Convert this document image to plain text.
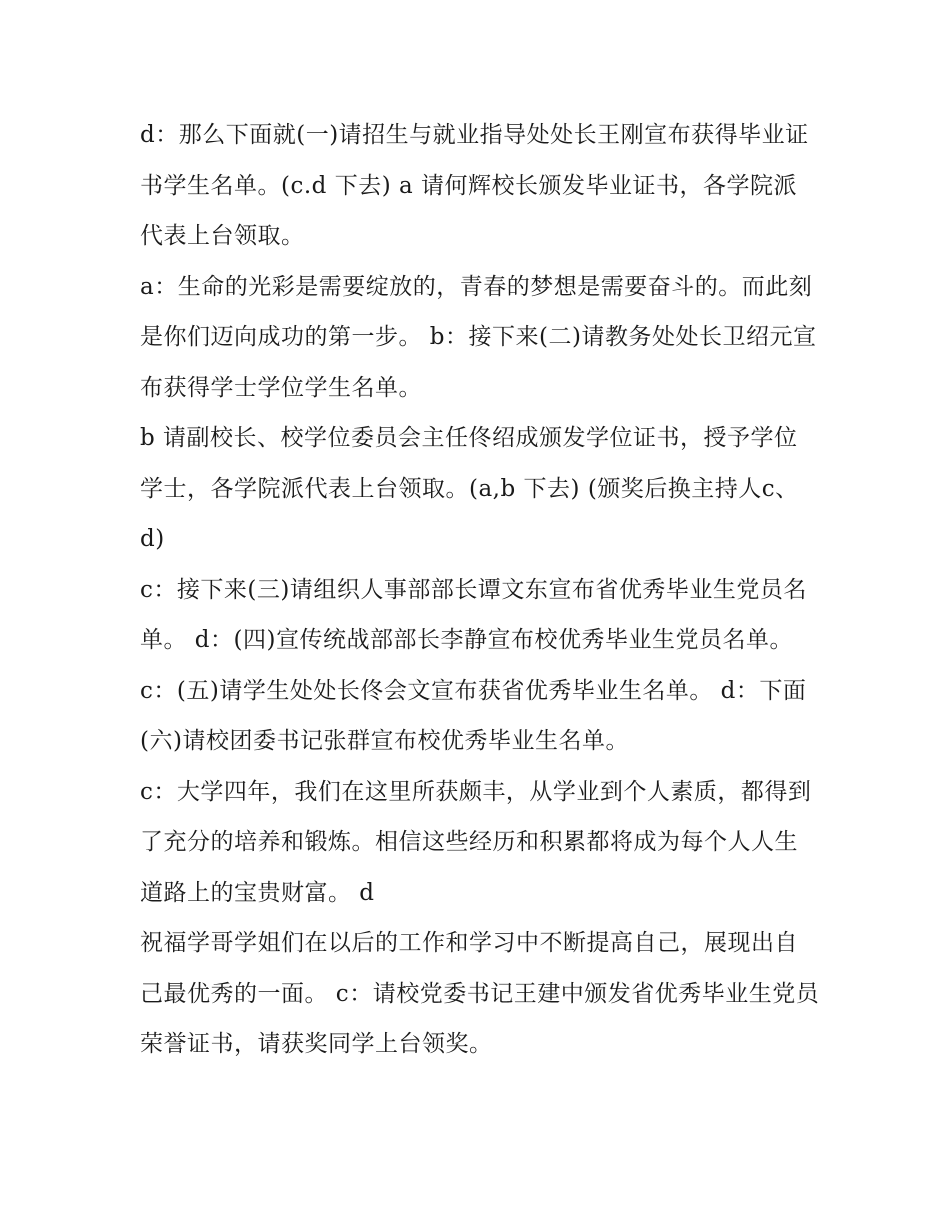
d：那么下面就(一)请招生与就业指导处处长王刚宣布获得毕业证书学生名单。(c.d 下去) a 请何辉校长颁发毕业证书，各学院派代表上台领取。

a：生命的光彩是需要绽放的，青春的梦想是需要奋斗的。而此刻是你们迈向成功的第一步。 b：接下来(二)请教务处处长卫绍元宣布获得学士学位学生名单。

b 请副校长、校学位委员会主任佟绍成颁发学位证书，授予学位学士，各学院派代表上台领取。(a,b 下去) (颁奖后换主持人c、d)

c：接下来(三)请组织人事部部长谭文东宣布省优秀毕业生党员名单。 d：(四)宣传统战部部长李静宣布校优秀毕业生党员名单。

c：(五)请学生处处长佟会文宣布获省优秀毕业生名单。 d：下面(六)请校团委书记张群宣布校优秀毕业生名单。

c：大学四年，我们在这里所获颇丰，从学业到个人素质，都得到了充分的培养和锻炼。相信这些经历和积累都将成为每个人人生道路上的宝贵财富。 d

祝福学哥学姐们在以后的工作和学习中不断提高自己，展现出自己最优秀的一面。 c：请校党委书记王建中颁发省优秀毕业生党员荣誉证书，请获奖同学上台领奖。
